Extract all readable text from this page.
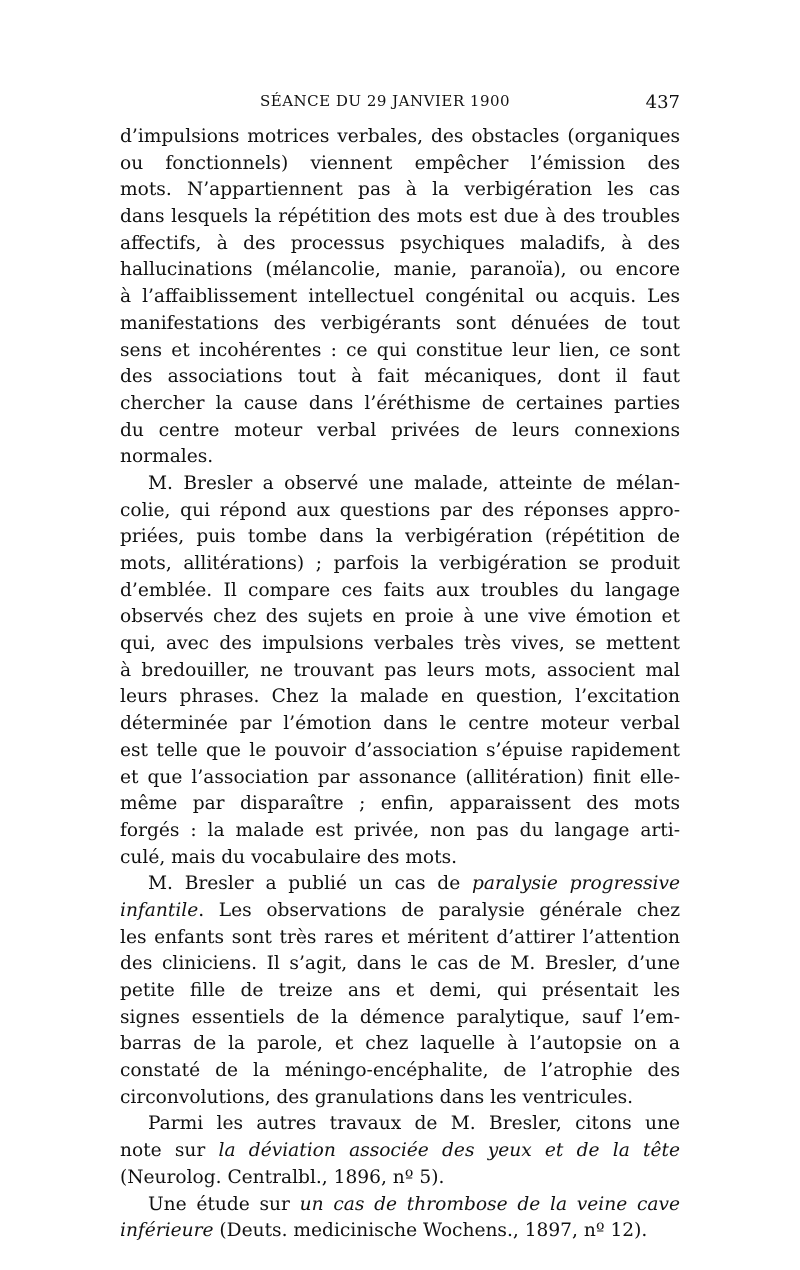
SÉANCE DU 29 JANVIER 1900	437
d’impulsions motrices verbales, des obstacles (organiques
ou fonctionnels) viennent empêcher l’émission des
mots. N’appartiennent pas à la verbigération les cas
dans lesquels la répétition des mots est due à des troubles
affectifs, à des processus psychiques maladifs, à des
hallucinations (mélancolie, manie, paranoïa), ou encore
à l’affaiblissement intellectuel congénital ou acquis. Les
manifestations des verbigérants sont dénuées de tout
sens et incohérentes : ce qui constitue leur lien, ce sont
des associations tout à fait mécaniques, dont il faut
chercher la cause dans l’éréthisme de certaines parties
du centre moteur verbal privées de leurs connexions
normales.
M. Bresler a observé une malade, atteinte de mélan-
colie, qui répond aux questions par des réponses appro-
priées, puis tombe dans la verbigération (répétition de
mots, allitérations) ; parfois la verbigération se produit
d’emblée. Il compare ces faits aux troubles du langage
observés chez des sujets en proie à une vive émotion et
qui, avec des impulsions verbales très vives, se mettent
à bredouiller, ne trouvant pas leurs mots, associent mal
leurs phrases. Chez la malade en question, l’excitation
déterminée par l’émotion dans le centre moteur verbal
est telle que le pouvoir d’association s’épuise rapidement
et que l’association par assonance (allitération) finit elle-
même par disparaître ; enfin, apparaissent des mots
forgés : la malade est privée, non pas du langage arti-
culé, mais du vocabulaire des mots.
M. Bresler a publié un cas de paralysie progressive
infantile. Les observations de paralysie générale chez
les enfants sont très rares et méritent d’attirer l’attention
des cliniciens. Il s’agit, dans le cas de M. Bresler, d’une
petite fille de treize ans et demi, qui présentait les
signes essentiels de la démence paralytique, sauf l’em-
barras de la parole, et chez laquelle à l’autopsie on a
constaté de la méningo-encéphalite, de l’atrophie des
circonvolutions, des granulations dans les ventricules.
Parmi les autres travaux de M. Bresler, citons une
note sur la déviation associée des yeux et de la tête
(Neurolog. Centralbl., 1896, nº 5).
Une étude sur un cas de thrombose de la veine cave
inférieure (Deuts. medicinische Wochens., 1897, nº 12).
